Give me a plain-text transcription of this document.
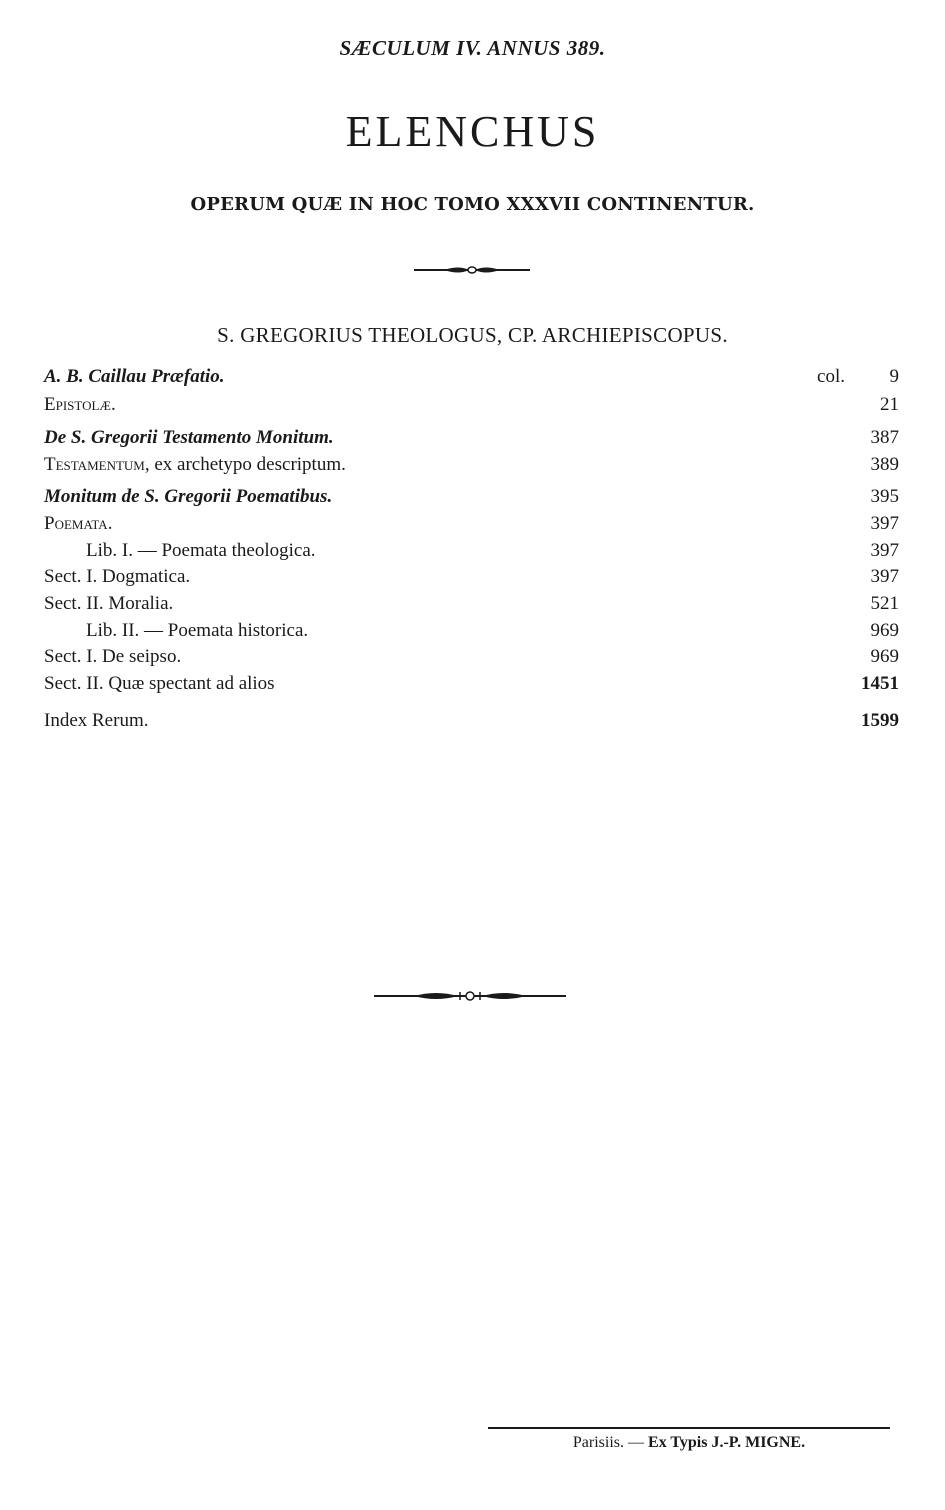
SÆCULUM IV. ANNUS 389.
ELENCHUS
OPERUM QUÆ IN HOC TOMO XXXVII CONTINENTUR.
S. GREGORIUS THEOLOGUS, CP. ARCHIEPISCOPUS.
A. B. Caillau Præfatio.	col. 9
Epistolæ.	21
De S. Gregorii Testamento Monitum.	387
Testamentum, ex archetypo descriptum.	389
Monitum de S. Gregorii Poematibus.	395
Poemata.	397
Lib. I. — Poemata theologica.	397
Sect. I. Dogmatica.	397
Sect. II. Moralia.	521
Lib. II. — Poemata historica.	969
Sect. I. De seipso.	969
Sect. II. Quæ spectant ad alios	1451
Index Rerum.	1599
Parisiis. — Ex Typis J.-P. MIGNE.
